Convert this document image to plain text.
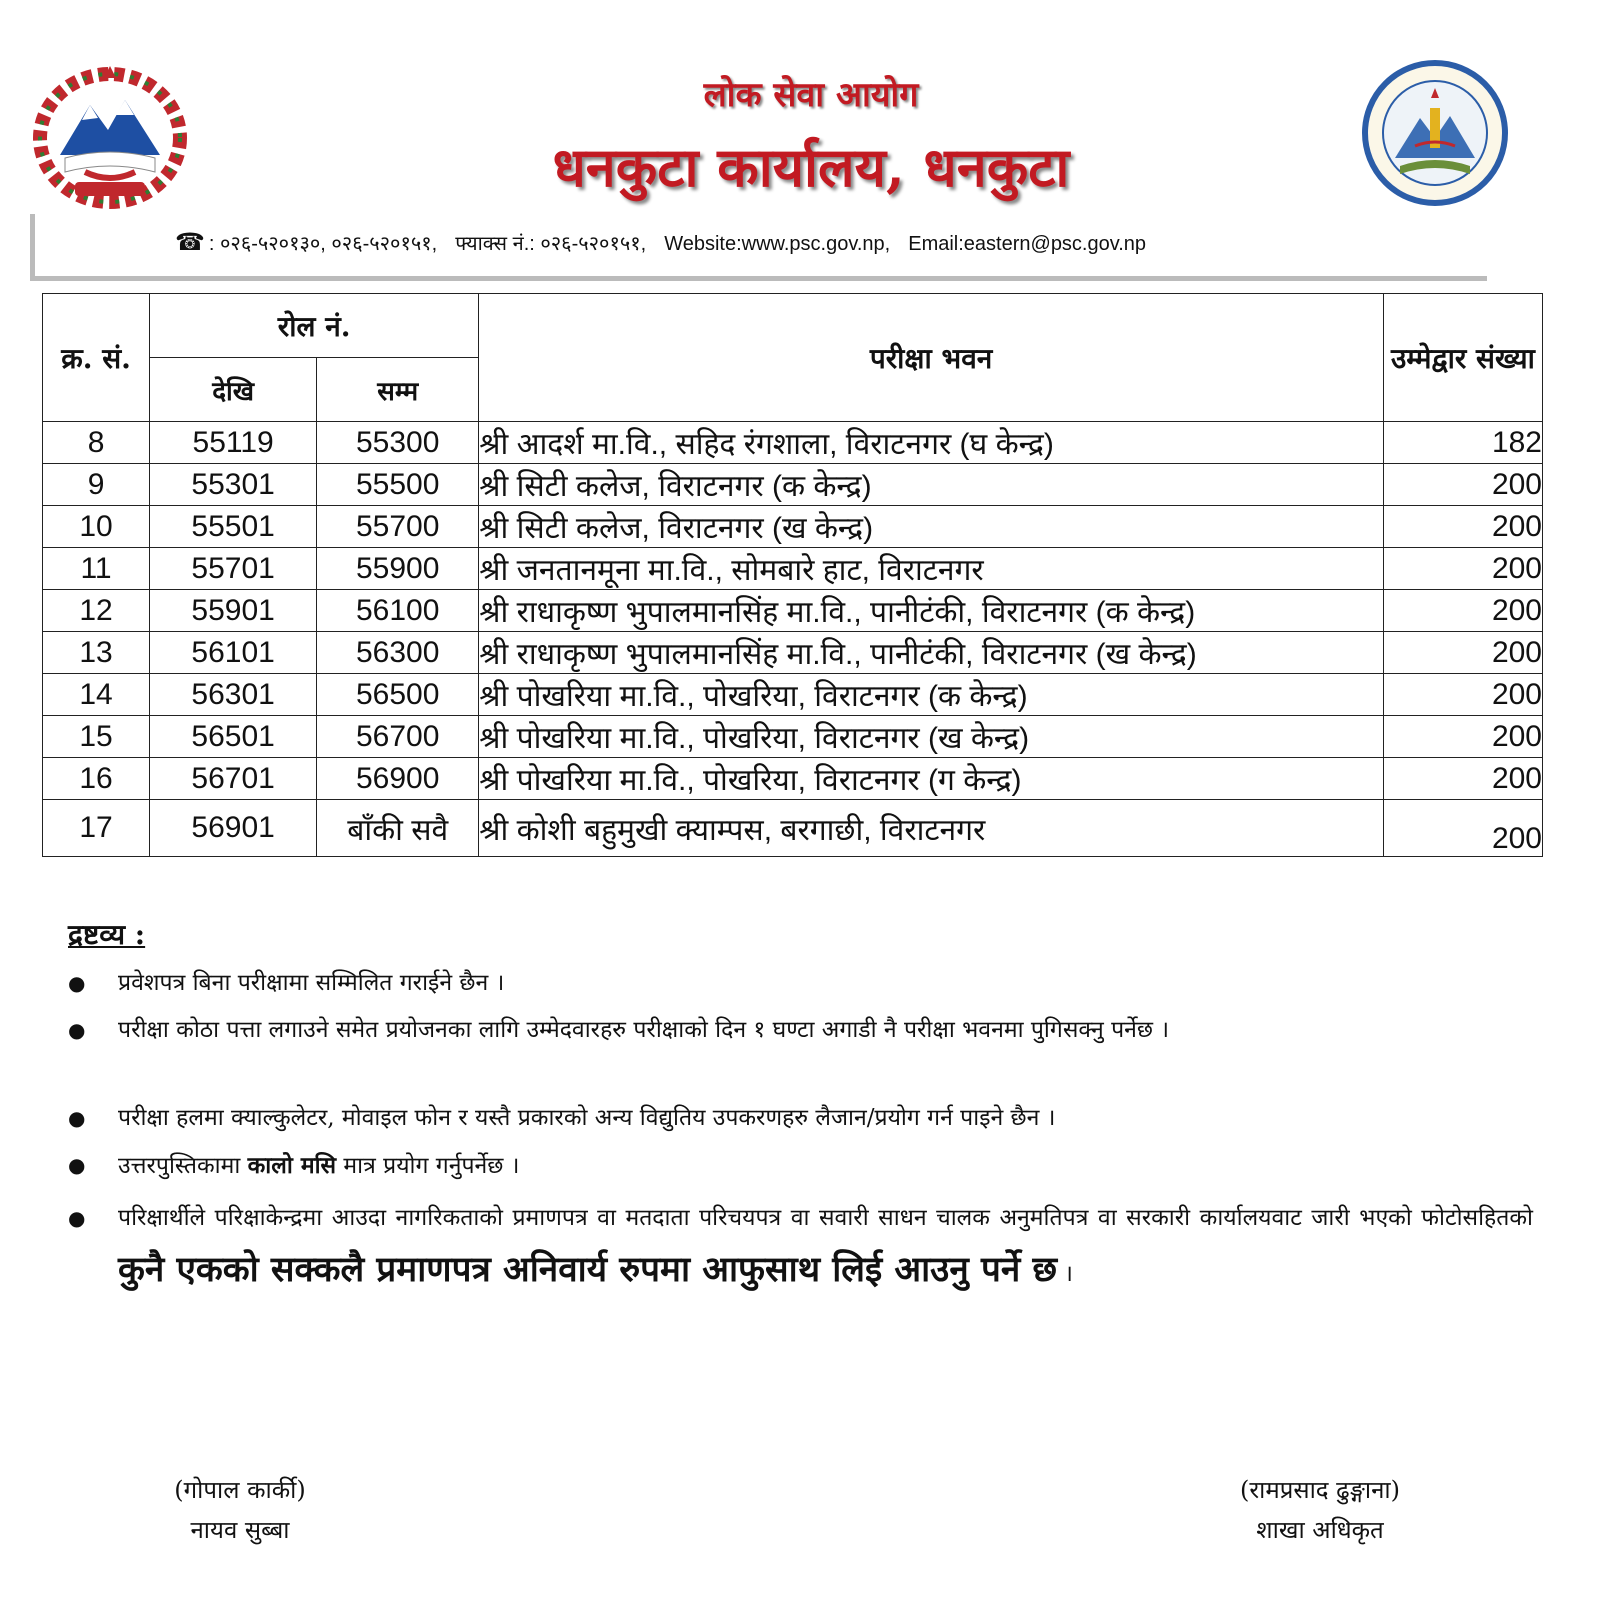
लोक सेवा आयोग
धनकुटा कार्यालय, धनकुटा
☎ : ०२६-५२०१३०, ०२६-५२०१५१, फ्याक्स नं.: ०२६-५२०१५१, Website:www.psc.gov.np, Email:eastern@psc.gov.np
क्र. सं.	रोल नं.		परीक्षा भवन	उम्मेद्वार संख्या
	देखि	सम्म		
8	55119	55300	श्री आदर्श मा.वि., सहिद रंगशाला, विराटनगर (घ केन्द्र)	182
9	55301	55500	श्री सिटी कलेज, विराटनगर (क केन्द्र)	200
10	55501	55700	श्री सिटी कलेज, विराटनगर (ख केन्द्र)	200
11	55701	55900	श्री जनतानमूना मा.वि., सोमबारे हाट, विराटनगर	200
12	55901	56100	श्री राधाकृष्ण भुपालमानसिंह मा.वि., पानीटंकी, विराटनगर (क केन्द्र)	200
13	56101	56300	श्री राधाकृष्ण भुपालमानसिंह मा.वि., पानीटंकी, विराटनगर (ख केन्द्र)	200
14	56301	56500	श्री पोखरिया मा.वि., पोखरिया, विराटनगर (क केन्द्र)	200
15	56501	56700	श्री पोखरिया मा.वि., पोखरिया, विराटनगर (ख केन्द्र)	200
16	56701	56900	श्री पोखरिया मा.वि., पोखरिया, विराटनगर (ग केन्द्र)	200
17	56901	बाँकी सवै	श्री कोशी बहुमुखी क्याम्पस, बरगाछी, विराटनगर	200
द्रष्टव्य :
● प्रवेशपत्र बिना परीक्षामा सम्मिलित गराईने छैन ।
● परीक्षा कोठा पत्ता लगाउने समेत प्रयोजनका लागि उम्मेदवारहरु परीक्षाको दिन १ घण्टा अगाडी नै परीक्षा भवनमा पुगिसक्नु पर्नेछ ।
● परीक्षा हलमा क्याल्कुलेटर, मोवाइल फोन र यस्तै प्रकारको अन्य विद्युतिय उपकरणहरु लैजान/प्रयोग गर्न पाइने छैन ।
● उत्तरपुस्तिकामा कालो मसि मात्र प्रयोग गर्नुपर्नेछ ।
● परिक्षार्थीले परिक्षाकेन्द्रमा आउदा नागरिकताको प्रमाणपत्र वा मतदाता परिचयपत्र वा सवारी साधन चालक अनुमतिपत्र वा सरकारी कार्यालयवाट जारी भएको फोटोसहितको कुनै एकको सक्कलै प्रमाणपत्र अनिवार्य रुपमा आफुसाथ लिई आउनु पर्ने छ ।
(गोपाल कार्की)
नायव सुब्बा
(रामप्रसाद ढुङ्गाना)
शाखा अधिकृत
